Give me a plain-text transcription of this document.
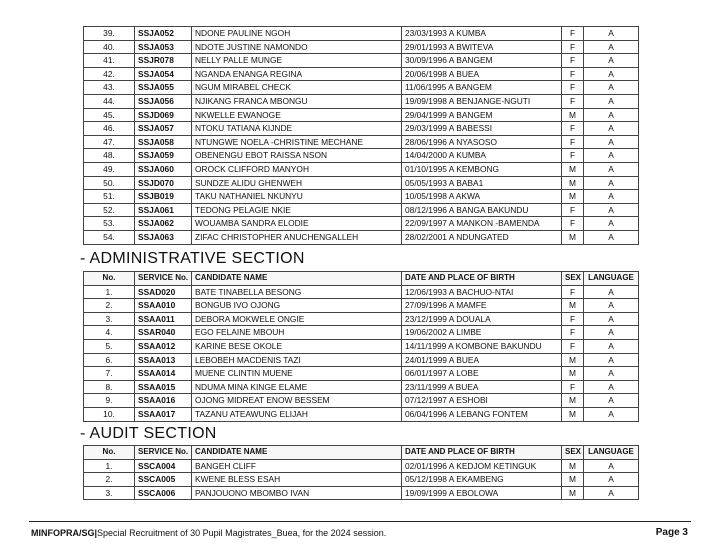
39.	SSJA052	NDONE PAULINE NGOH	23/03/1993 A KUMBA	F	A
40.	SSJA053	NDOTE JUSTINE NAMONDO	29/01/1993 A BWITEVA	F	A
41.	SSJR078	NELLY PALLE MUNGE	30/09/1996 A BANGEM	F	A
42.	SSJA054	NGANDA ENANGA REGINA	20/06/1998 A BUEA	F	A
43.	SSJA055	NGUM MIRABEL CHECK	11/06/1995 A BANGEM	F	A
44.	SSJA056	NJIKANG FRANCA MBONGU	19/09/1998 A BENJANGE-NGUTI	F	A
45.	SSJD069	NKWELLE EWANOGE	29/04/1999 A BANGEM	M	A
46.	SSJA057	NTOKU TATIANA KIJNDE	29/03/1999 A BABESSI	F	A
47.	SSJA058	NTUNGWE NOELA -CHRISTINE MECHANE	28/06/1996 A NYASOSO	F	A
48.	SSJA059	OBENENGU EBOT RAISSA NSON	14/04/2000 A KUMBA	F	A
49.	SSJA060	OROCK CLIFFORD MANYOH	01/10/1995 A KEMBONG	M	A
50.	SSJD070	SUNDZE ALIDU GHENWEH	05/05/1993 A BABA1	M	A
51.	SSJB019	TAKU NATHANIEL NKUNYU	10/05/1998 A AKWA	M	A
52.	SSJA061	TEDONG PELAGIE NKIE	08/12/1996 A BANGA BAKUNDU	F	A
53.	SSJA062	WOUAMBA SANDRA ELODIE	22/09/1997 A MANKON -BAMENDA	F	A
54.	SSJA063	ZIFAC CHRISTOPHER ANUCHENGALLEH	28/02/2001 A NDUNGATED	M	A
- ADMINISTRATIVE SECTION
No.	SERVICE No.	CANDIDATE NAME	DATE AND PLACE OF BIRTH	SEX	LANGUAGE
1.	SSAD020	BATE TINABELLA BESONG	12/06/1993 A BACHUO-NTAI	F	A
2.	SSAA010	BONGUB IVO OJONG	27/09/1996 A MAMFE	M	A
3.	SSAA011	DEBORA MOKWELE ONGIE	23/12/1999 A DOUALA	F	A
4.	SSAR040	EGO FELAINE MBOUH	19/06/2002 A LIMBE	F	A
5.	SSAA012	KARINE BESE OKOLE	14/11/1999 A KOMBONE BAKUNDU	F	A
6.	SSAA013	LEBOBEH MACDENIS TAZI	24/01/1999 A BUEA	M	A
7.	SSAA014	MUENE CLINTIN MUENE	06/01/1997 A LOBE	M	A
8.	SSAA015	NDUMA MINA KINGE ELAME	23/11/1999 A BUEA	F	A
9.	SSAA016	OJONG MIDREAT ENOW BESSEM	07/12/1997 A ESHOBI	M	A
10.	SSAA017	TAZANU ATEAWUNG ELIJAH	06/04/1996 A LEBANG FONTEM	M	A
- AUDIT SECTION
No.	SERVICE No.	CANDIDATE NAME	DATE AND PLACE OF BIRTH	SEX	LANGUAGE
1.	SSCA004	BANGEH CLIFF	02/01/1996 A KEDJOM KETINGUK	M	A
2.	SSCA005	KWENE BLESS ESAH	05/12/1998 A EKAMBENG	M	A
3.	SSCA006	PANJOUONO MBOMBO IVAN	19/09/1999 A EBOLOWA	M	A
MINFOPRA/SG|Special Recruitment of 30 Pupil Magistrates_Buea, for the 2024 session.	Page 3
